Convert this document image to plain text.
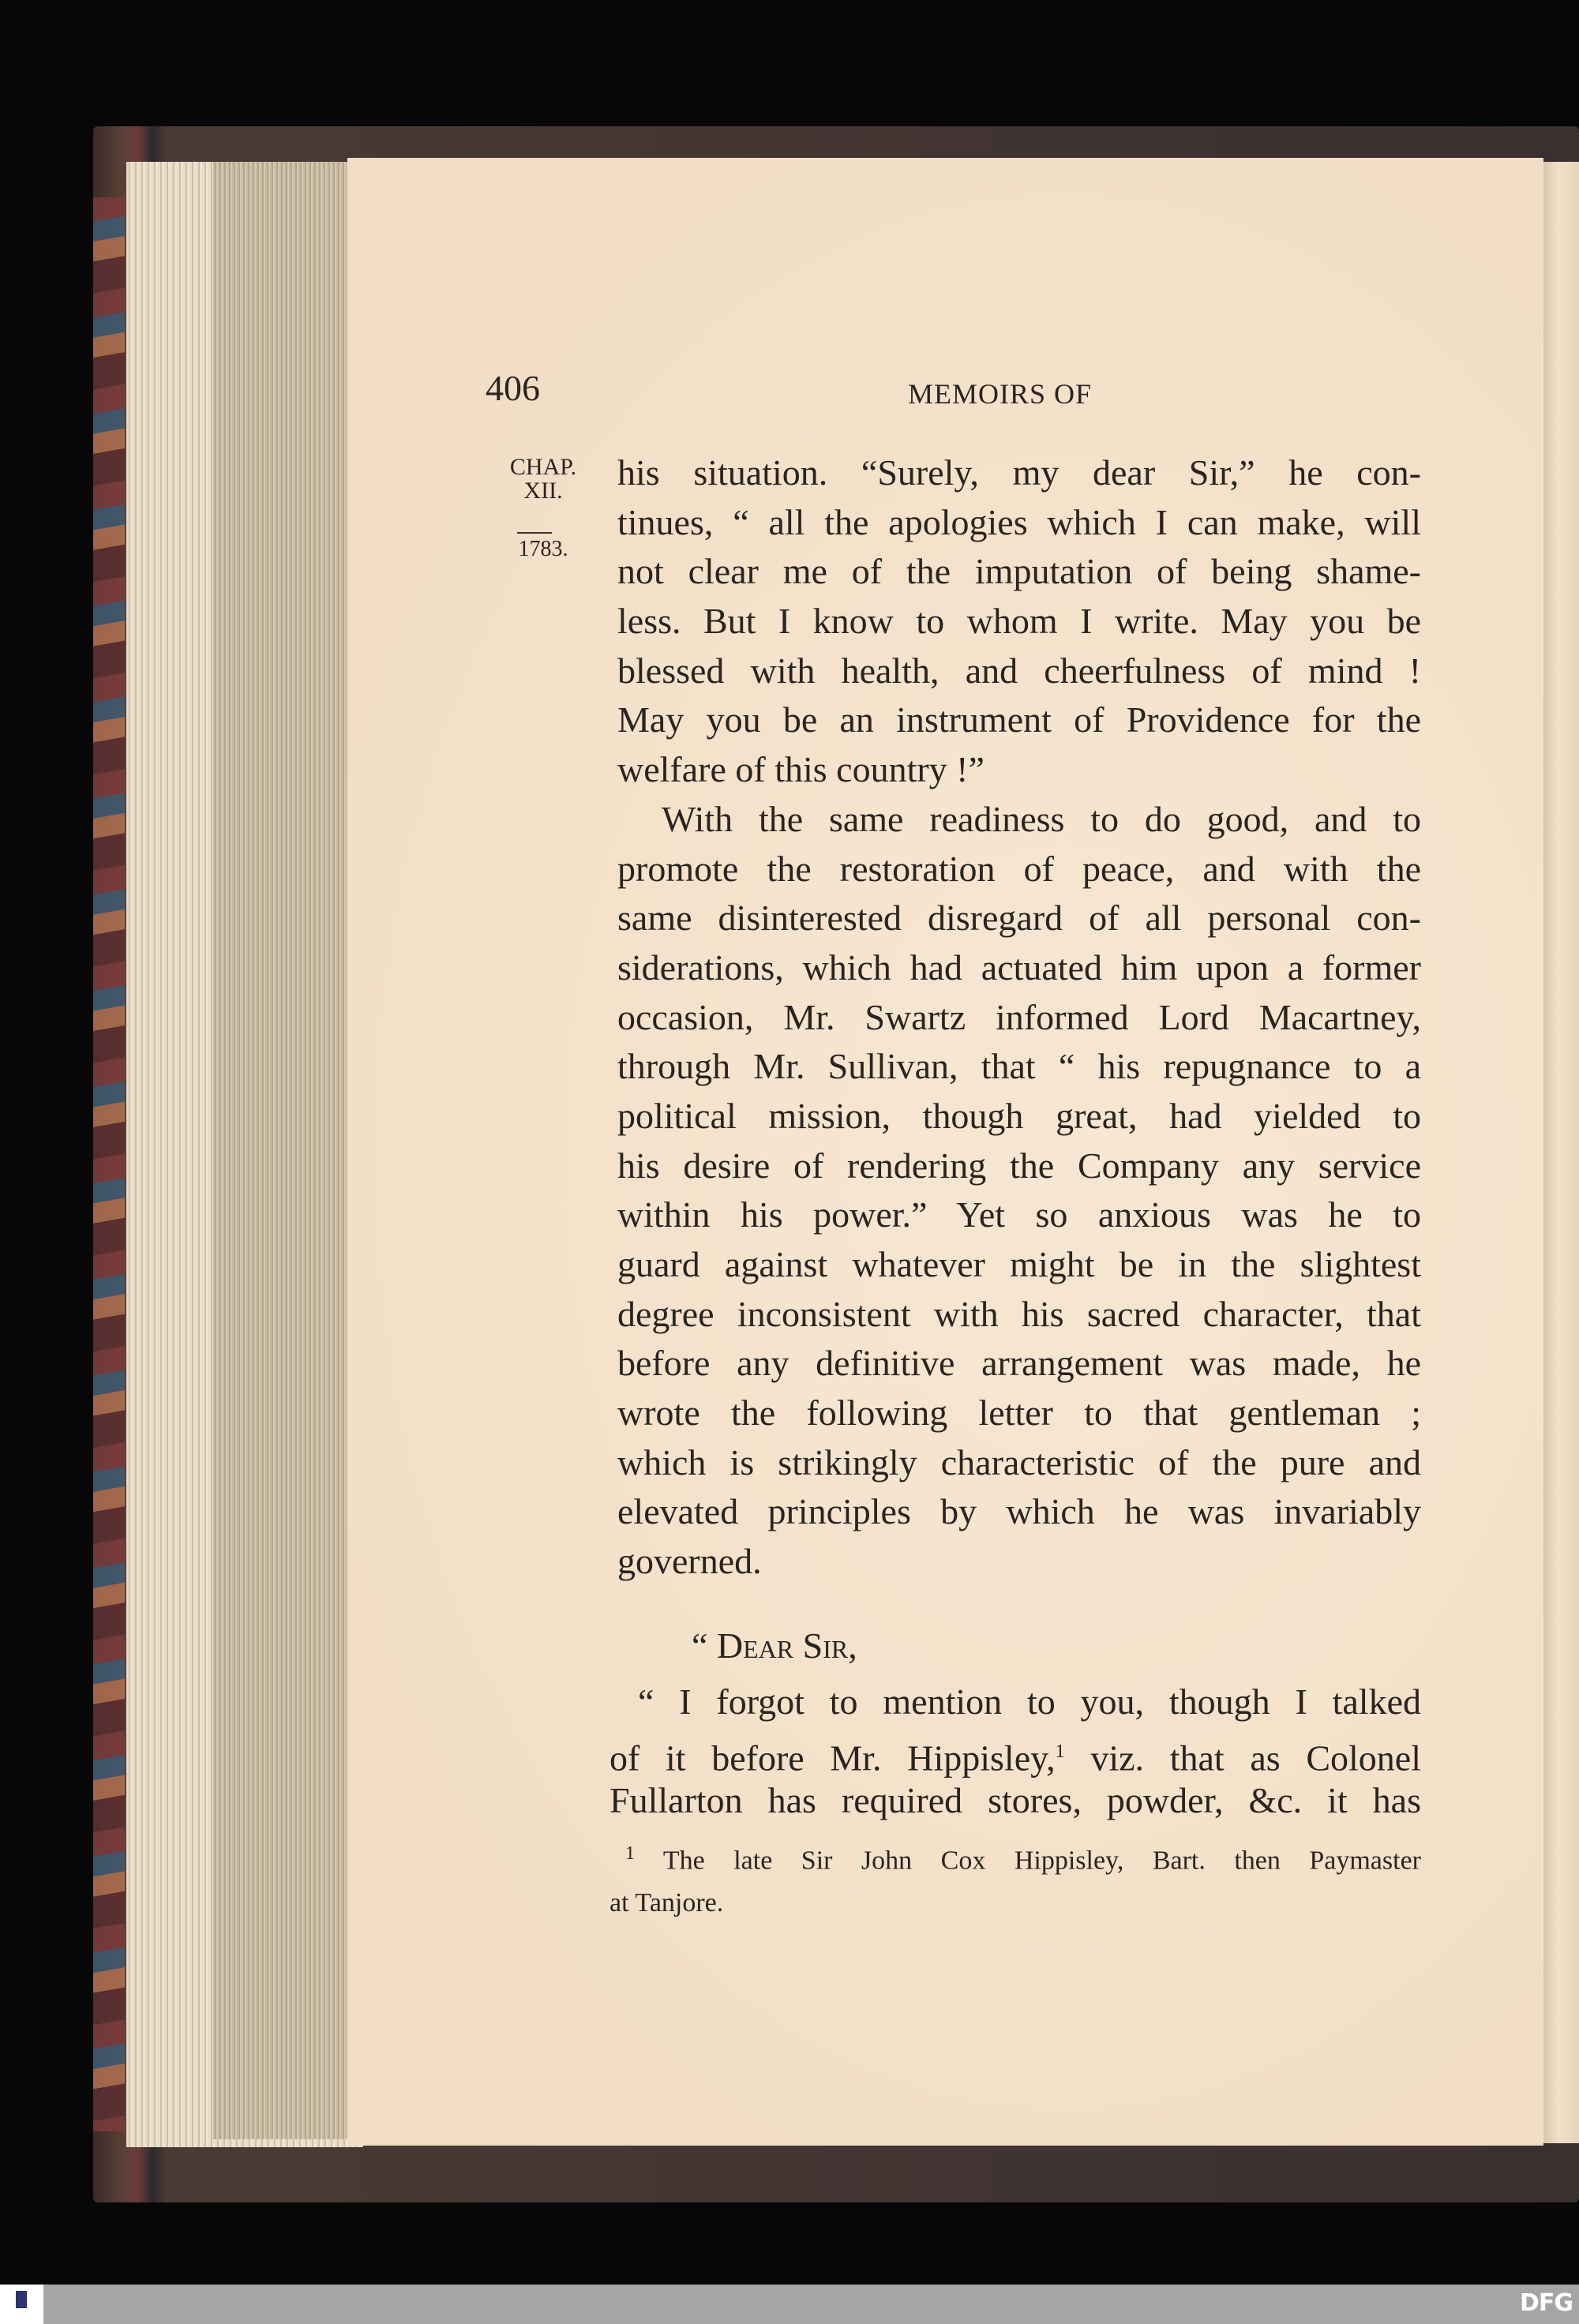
406	MEMOIRS OF
CHAP.
XII.
1783.
his situation. “Surely, my dear Sir,” he con-
tinues, “ all the apologies which I can make, will
not clear me of the imputation of being shame-
less. But I know to whom I write. May you be
blessed with health, and cheerfulness of mind !
May you be an instrument of Providence for the
welfare of this country !”
With the same readiness to do good, and to
promote the restoration of peace, and with the
same disinterested disregard of all personal con-
siderations, which had actuated him upon a former
occasion, Mr. Swartz informed Lord Macartney,
through Mr. Sullivan, that “ his repugnance to a
political mission, though great, had yielded to
his desire of rendering the Company any service
within his power.” Yet so anxious was he to
guard against whatever might be in the slightest
degree inconsistent with his sacred character, that
before any definitive arrangement was made, he
wrote the following letter to that gentleman ;
which is strikingly characteristic of the pure and
elevated principles by which he was invariably
governed.
“ Dear Sir,
“ I forgot to mention to you, though I talked
of it before Mr. Hippisley,$^1$ viz. that as Colonel
Fullarton has required stores, powder, &c. it has
$^1$ The late Sir John Cox Hippisley, Bart. then Paymaster
at Tanjore.
DFG
